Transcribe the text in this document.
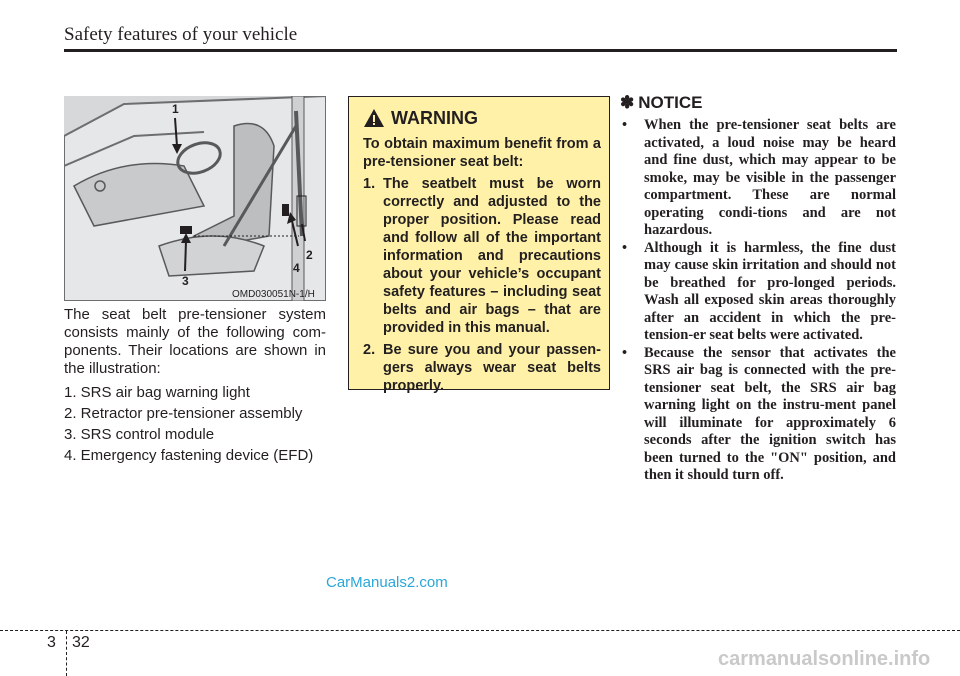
Safety features of your vehicle
1
2
3
4
OMD030051N-1/H

The seat belt pre-tensioner system consists mainly of the following com-ponents. Their locations are shown in the illustration:

1. SRS air bag warning light
2. Retractor pre-tensioner assembly
3. SRS control module
4. Emergency fastening device (EFD)
WARNING

To obtain maximum benefit from a pre-tensioner seat belt:

1. The seatbelt must be worn correctly and adjusted to the proper position. Please read and follow all of the important information and precautions about your vehicle’s occupant safety features – including seat belts and air bags – that are provided in this manual.
2. Be sure you and your passen-gers always wear seat belts properly.
✽ NOTICE
•	When the pre-tensioner seat belts are activated, a loud noise may be heard and fine dust, which may appear to be smoke, may be visible in the passenger compartment. These are normal operating condi-tions and are not hazardous.
•	Although it is harmless, the fine dust may cause skin irritation and should not be breathed for pro-longed periods. Wash all exposed skin areas thoroughly after an accident in which the pre-tension-er seat belts were activated.
•	Because the sensor that activates the SRS air bag is connected with the pre-tensioner seat belt, the SRS air bag warning light on the instru-ment panel will illuminate for approximately 6 seconds after the ignition switch has been turned to the "ON" position, and then it should turn off.
CarManuals2.com
3 32
carmanualsonline.info
